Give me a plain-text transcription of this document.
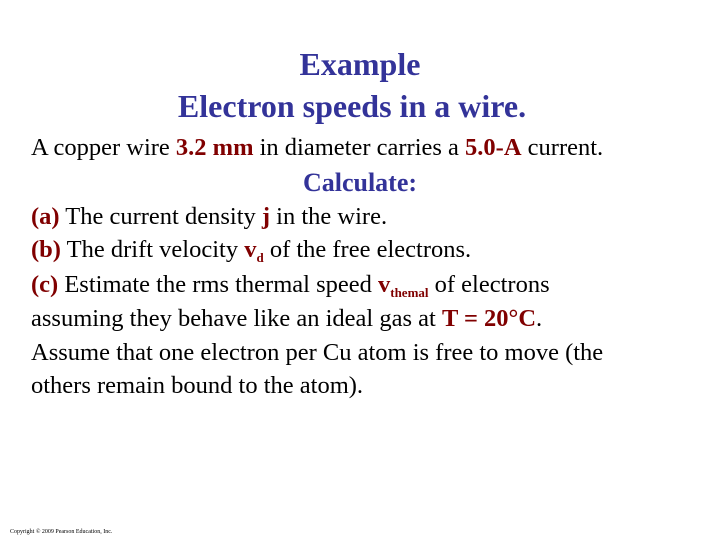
Example
Electron speeds in a wire.
A copper wire 3.2 mm in diameter carries a 5.0-A current.
Calculate:
(a) The current density j in the wire.
(b) The drift velocity $v_d$ of the free electrons.
(c) Estimate the rms thermal speed $v_{themal}$ of electrons
assuming they behave like an ideal gas at T = 20°C.
Assume that one electron per Cu atom is free to move (the
others remain bound to the atom).
Copyright © 2009 Pearson Education, Inc.
